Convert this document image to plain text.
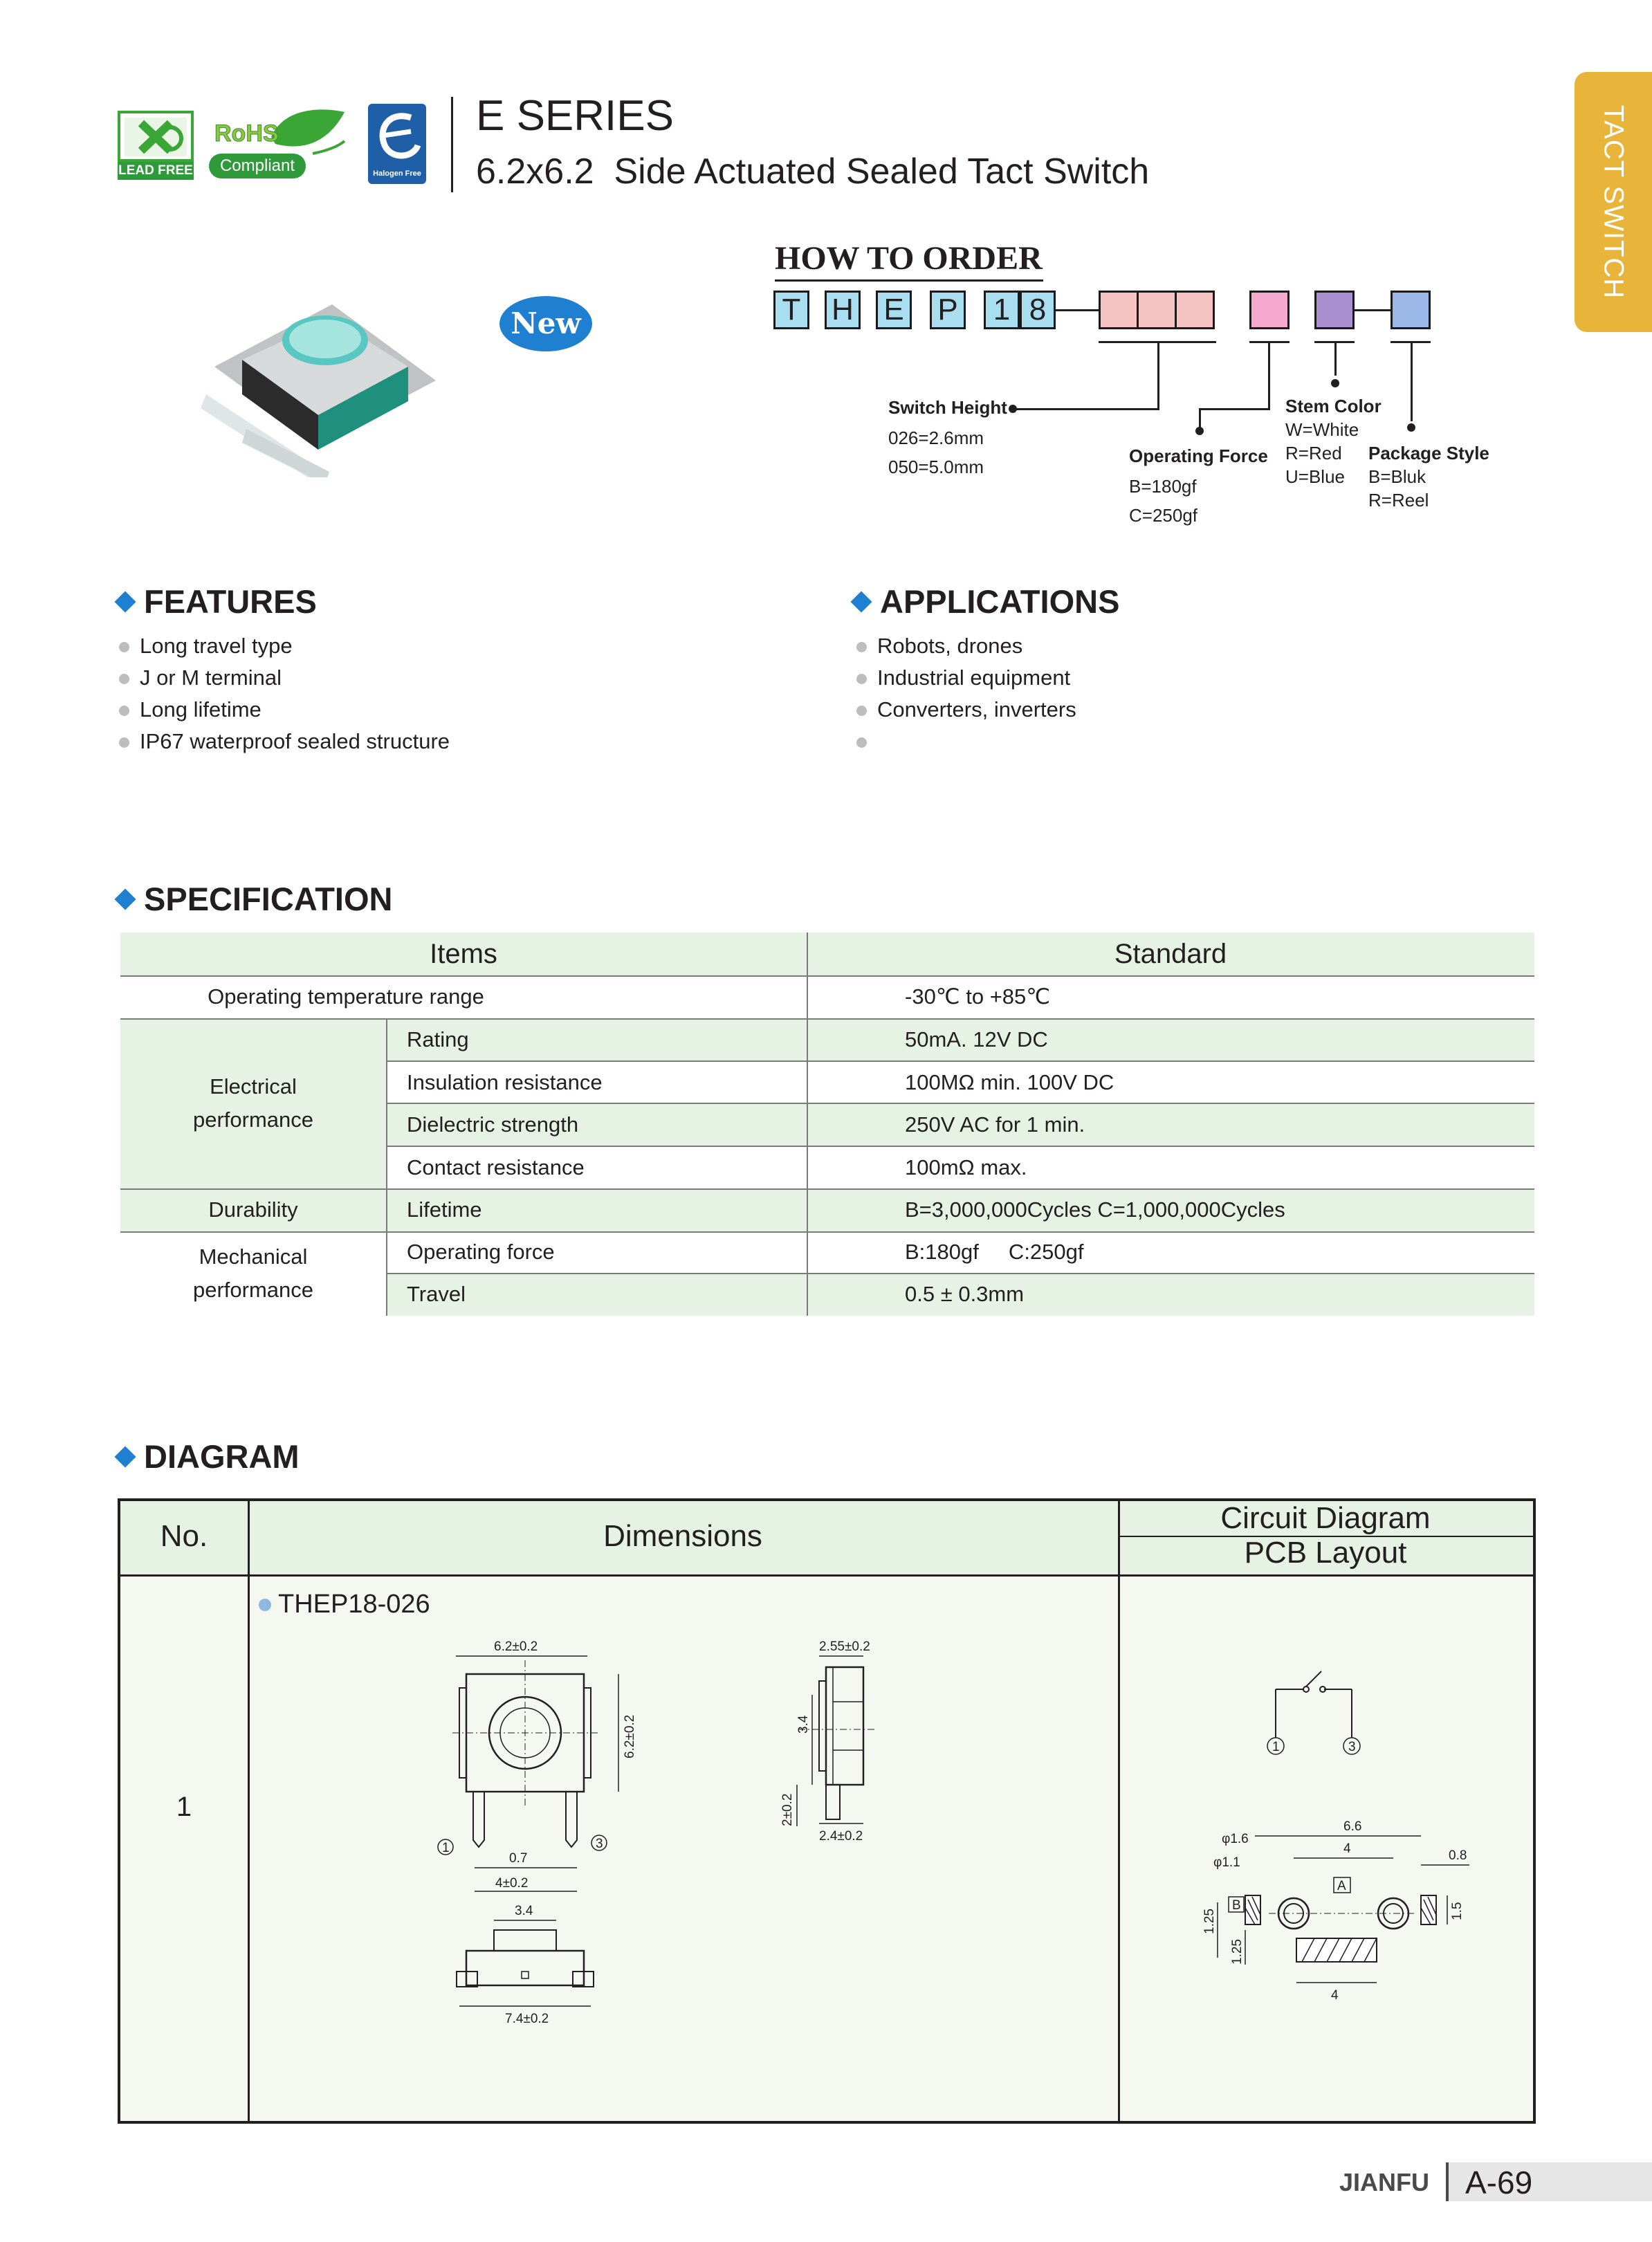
LEAD FREE
RoHS
Compliant	Halogen Free
E SERIES
6.2x6.2  Side Actuated Sealed Tact Switch	TACT SWITCH
New
HOW TO ORDER
T H E P	1 8
Switch Height
026=2.6mm
050=5.0mm
Operating Force
B=180gf
C=250gf
Stem Color
W=White
R=Red
U=Blue
Package Style
B=Bluk
R=Reel
FEATURES
Long travel type
J or M terminal
Long lifetime
IP67 waterproof sealed structure
APPLICATIONS
Robots, drones
Industrial equipment
Converters, inverters
SPECIFICATION
Items	Standard
Operating temperature range	-30℃ to +85℃
Electrical
performance
Rating	50mA. 12V DC
Insulation resistance	100MΩ min. 100V DC
Dielectric strength	250V AC for 1 min.
Contact resistance	100mΩ max.
Durability	Lifetime	B=3,000,000Cycles C=1,000,000Cycles
Mechanical
performance
Operating force	B:180gf     C:250gf
Travel	0.5 ± 0.3mm
DIAGRAM
No.	Dimensions
Circuit Diagram
PCB Layout
1
THEP18-026
6.2±0.2
6.2±0.2
1	3
0.7
4±0.2
3.4
7.4±0.2
2.55±0.2
3.4
2±0.2
2.4±0.2
1	3
6.6
φ1.6
φ1.1
4	0.8
A
B	1.5
1.25
1.25
4
JIANFU A-69
